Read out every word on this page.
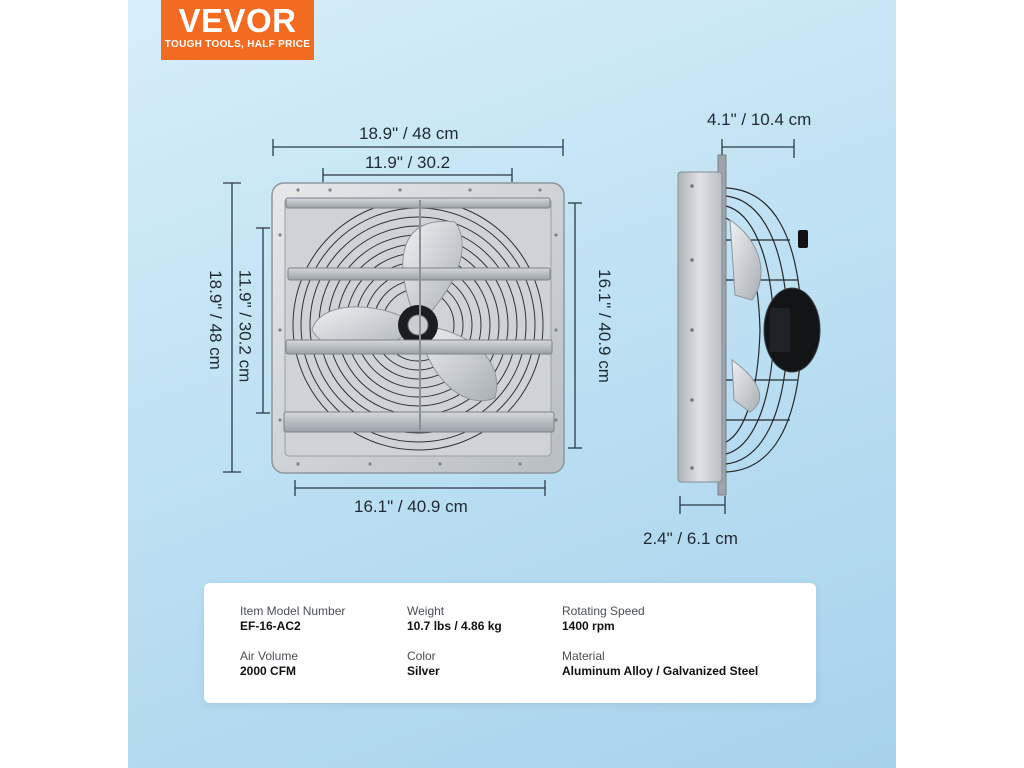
VEVOR
TOUGH TOOLS, HALF PRICE
18.9" / 48 cm
11.9" / 30.2
18.9" / 48 cm 11.9" / 30.2 cm	16.1" / 40.9 cm
16.1" / 40.9 cm
4.1" / 10.4 cm
2.4" / 6.1 cm
Item Model Number
EF-16-AC2
Weight
10.7 lbs / 4.86 kg
Rotating Speed
1400 rpm
Air Volume
2000 CFM
Color
Silver
Material
Aluminum Alloy / Galvanized Steel
